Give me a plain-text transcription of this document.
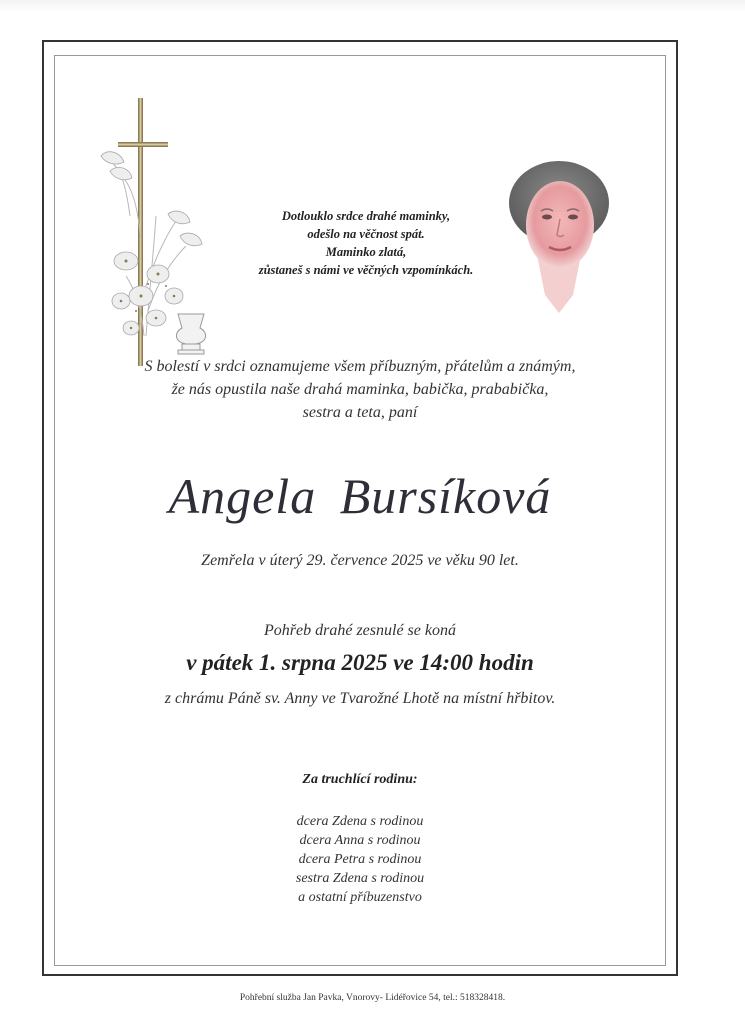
Dotlouklo srdce drahé maminky,
odešlo na věčnost spát.
Maminko zlatá,
zůstaneš s námi ve věčných vzpomínkách.
S bolestí v srdci oznamujeme všem příbuzným, přátelům a známým,
že nás opustila naše drahá maminka, babička, prababička,
sestra a teta, paní
Angela Bursíková
Zemřela v úterý 29. července 2025 ve věku 90 let.
Pohřeb drahé zesnulé se koná
v pátek 1. srpna 2025 ve 14:00 hodin
z chrámu Páně sv. Anny ve Tvarožné Lhotě na místní hřbitov.
Za truchlící rodinu:
dcera Zdena s rodinou
dcera Anna s rodinou
dcera Petra s rodinou
sestra Zdena s rodinou
a ostatní příbuzenstvo
Pohřební služba Jan Pavka, Vnorovy- Lidéřovice 54, tel.: 518328418.
